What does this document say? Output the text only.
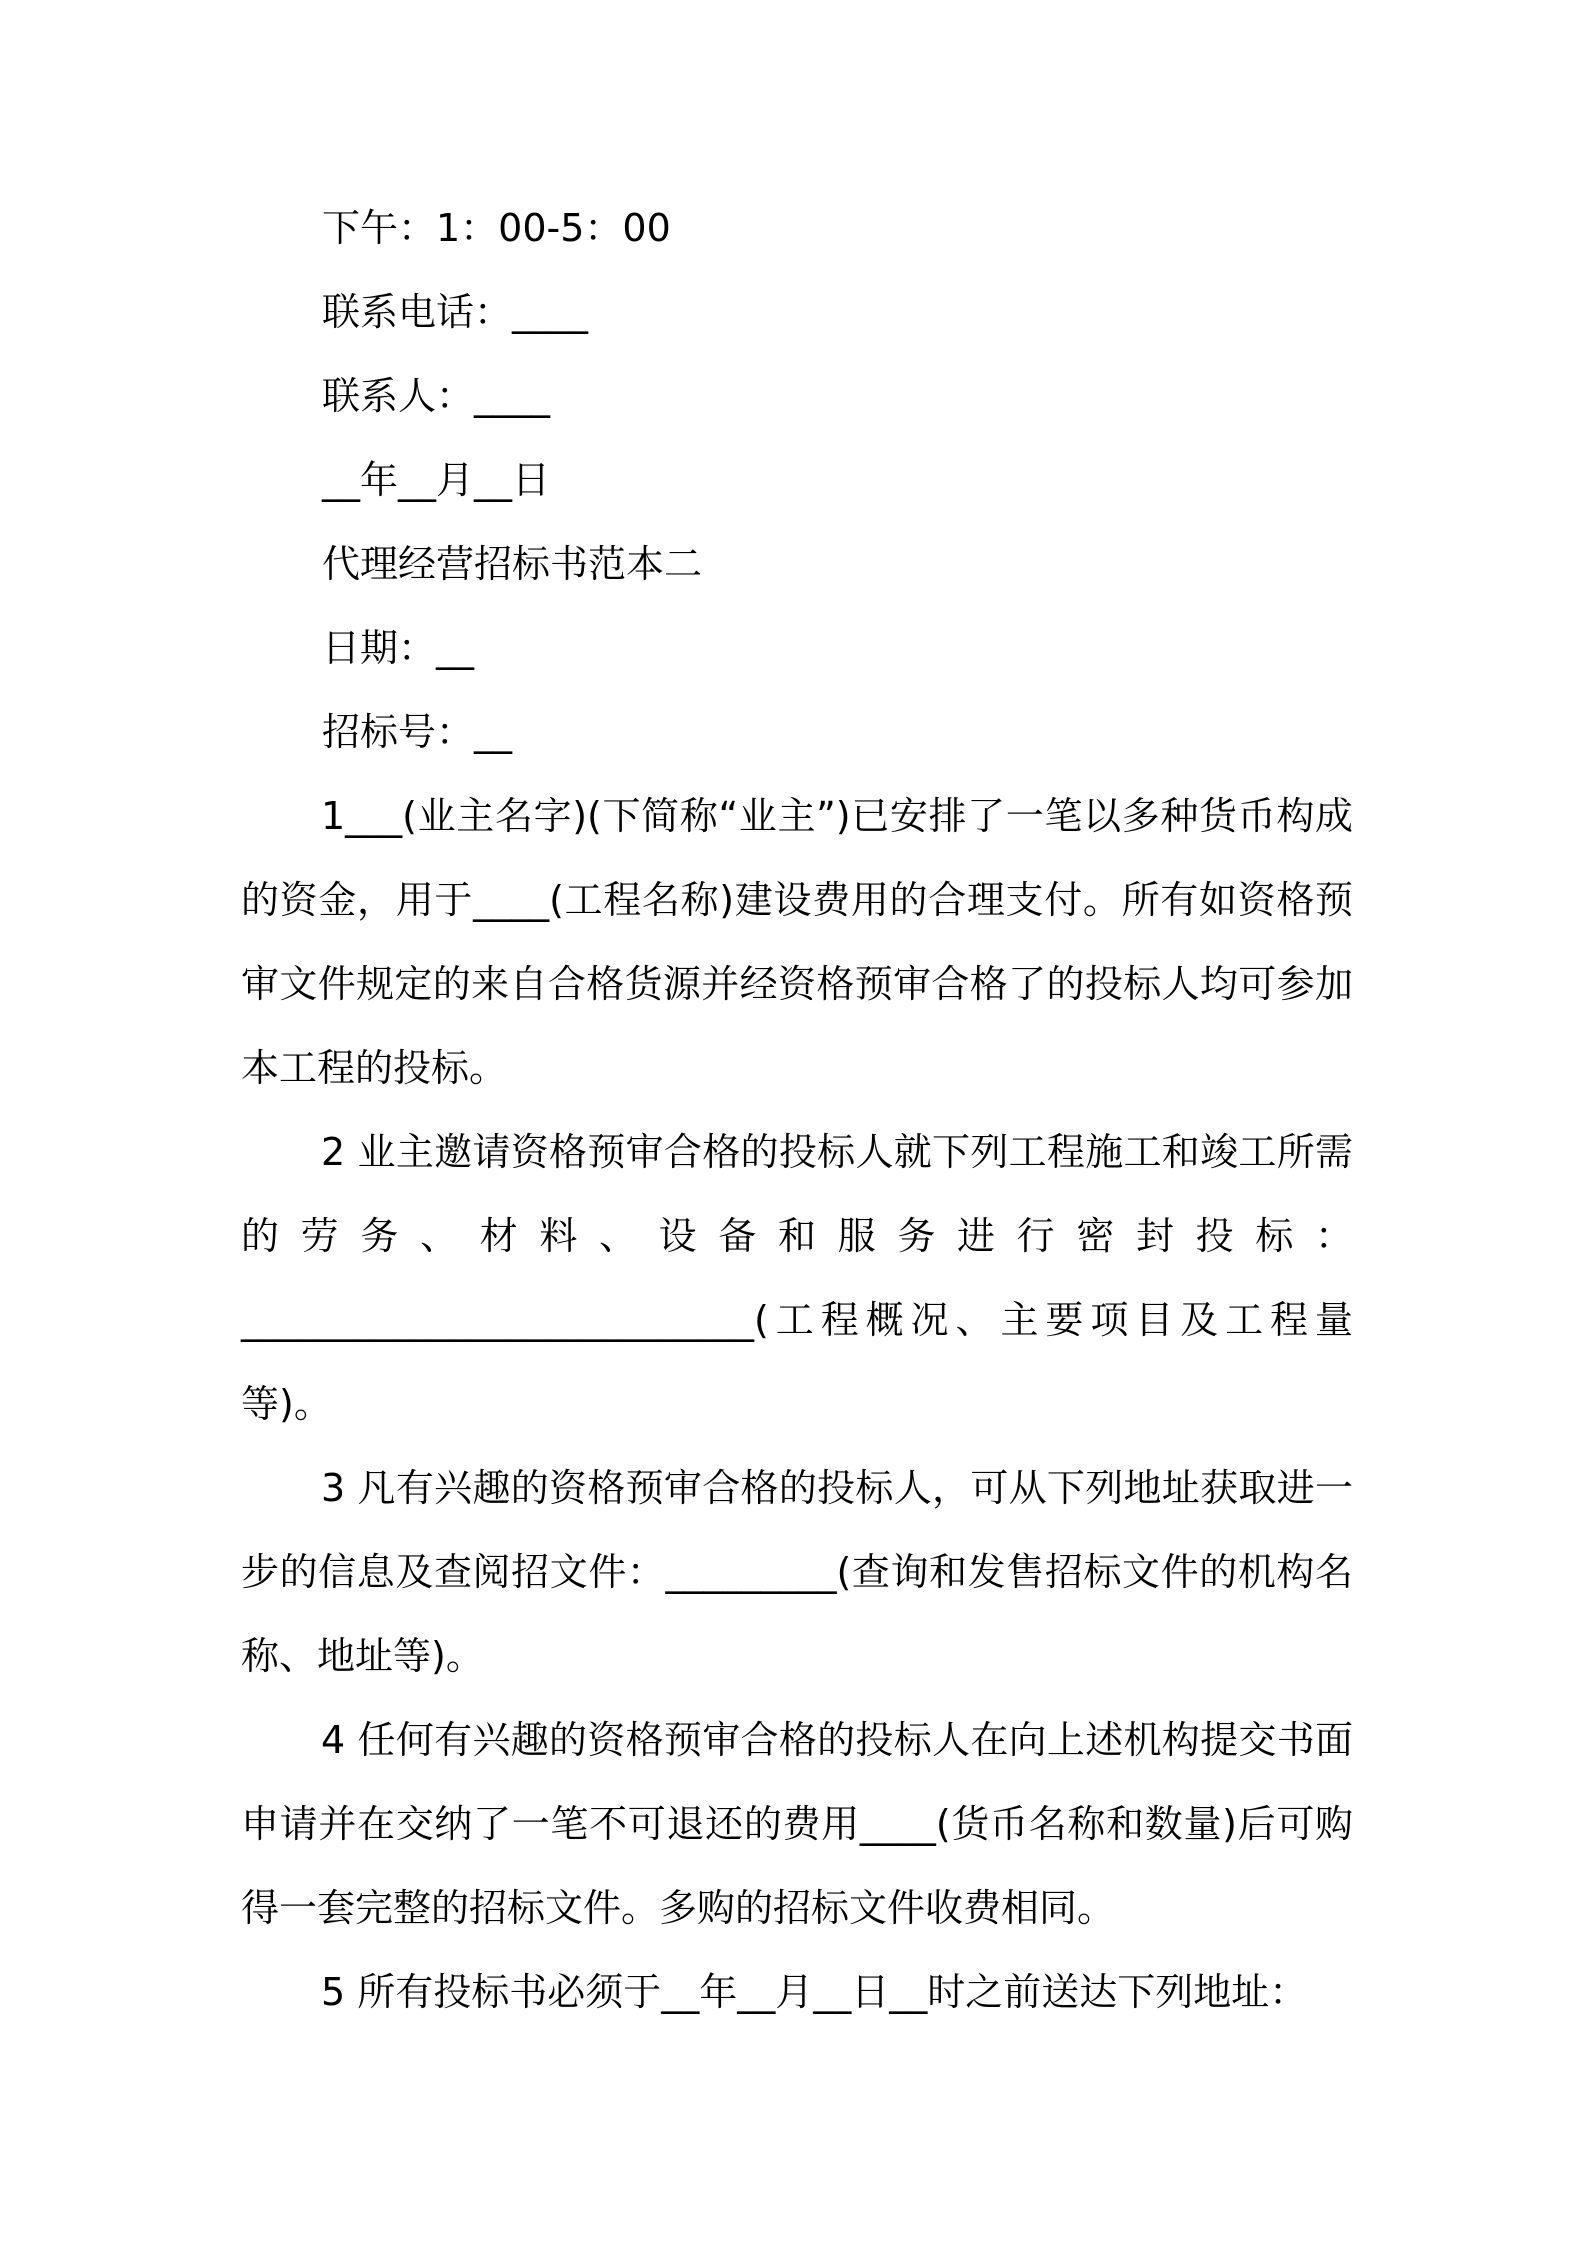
下午：1：00-5：00
联系电话：____
联系人：____
__年__月__日
代理经营招标书范本二
日期：__
招标号：__

1___(业主名字)(下简称“业主”)已安排了一笔以多种货币构成的资金，用于____(工程名称)建设费用的合理支付。所有如资格预审文件规定的来自合格货源并经资格预审合格了的投标人均可参加本工程的投标。

2 业主邀请资格预审合格的投标人就下列工程施工和竣工所需的劳务、材料、设备和服务进行密封投标：___________________________(工程概况、主要项目及工程量等)。

3 凡有兴趣的资格预审合格的投标人，可从下列地址获取进一步的信息及查阅招文件：_________(查询和发售招标文件的机构名称、地址等)。

4 任何有兴趣的资格预审合格的投标人在向上述机构提交书面申请并在交纳了一笔不可退还的费用____(货币名称和数量)后可购得一套完整的招标文件。多购的招标文件收费相同。

5 所有投标书必须于__年__月__日__时之前送达下列地址：
